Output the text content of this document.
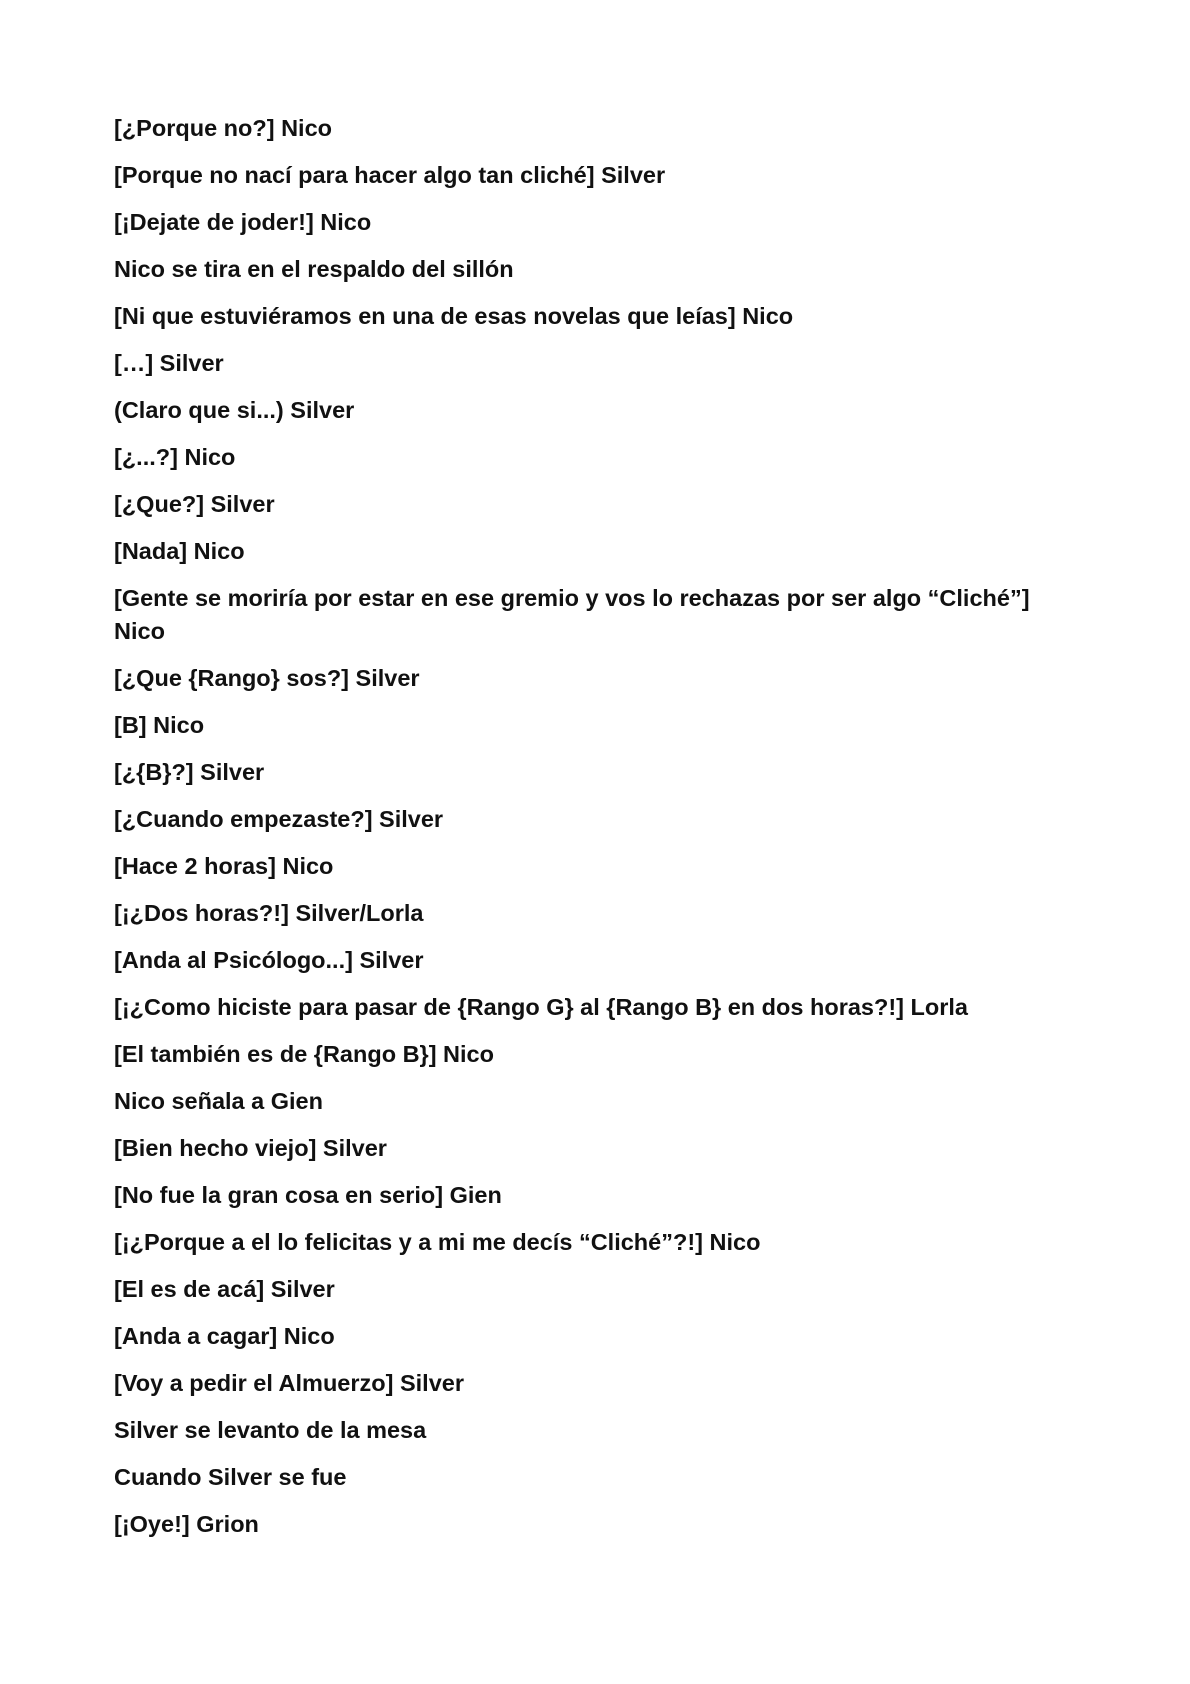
[¿Porque no?] Nico

[Porque no nací para hacer algo tan cliché] Silver

[¡Dejate de joder!] Nico

Nico se tira en el respaldo del sillón

[Ni que estuviéramos en una de esas novelas que leías] Nico

[…] Silver

(Claro que si...) Silver

[¿...?] Nico

[¿Que?] Silver

[Nada] Nico

[Gente se moriría por estar en ese gremio y vos lo rechazas por ser algo “Cliché”] Nico

[¿Que {Rango} sos?] Silver

[B] Nico

[¿{B}?] Silver

[¿Cuando empezaste?] Silver

[Hace 2 horas] Nico

[¡¿Dos horas?!] Silver/Lorla

[Anda al Psicólogo...] Silver

[¡¿Como hiciste para pasar de {Rango G} al {Rango B} en dos horas?!] Lorla

[El también es de {Rango B}] Nico

Nico señala a Gien

[Bien hecho viejo] Silver

[No fue la gran cosa en serio] Gien

[¡¿Porque a el lo felicitas y a mi me decís “Cliché”?!] Nico

[El es de acá] Silver

[Anda a cagar] Nico

[Voy a pedir el Almuerzo] Silver

Silver se levanto de la mesa

Cuando Silver se fue

[¡Oye!] Grion
